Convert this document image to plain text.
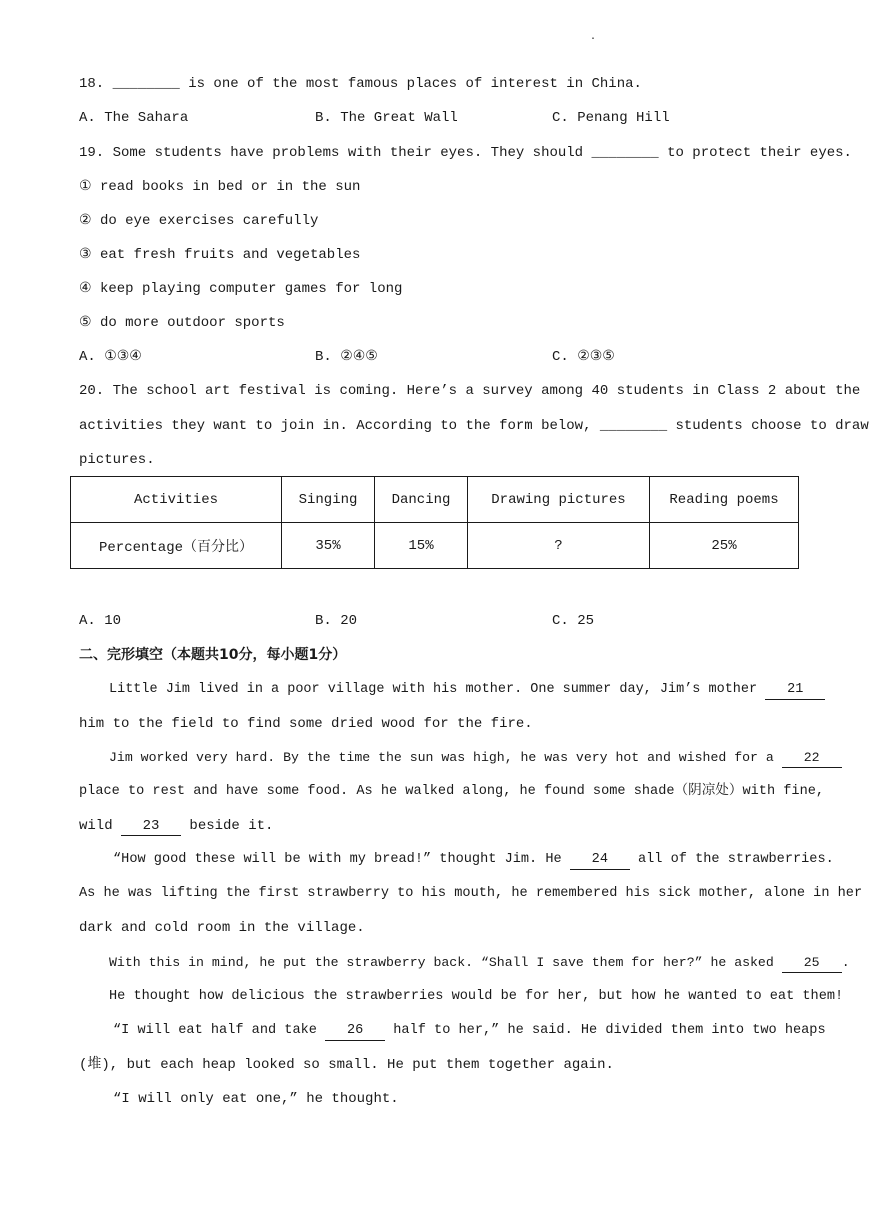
.
18. ________ is one of the most famous places of interest in China.
A. The Sahara	B. The Great Wall	C. Penang Hill
19. Some students have problems with their eyes. They should ________ to protect their eyes.
① read books in bed or in the sun
② do eye exercises carefully
③ eat fresh fruits and vegetables
④ keep playing computer games for long
⑤ do more outdoor sports
A. ①③④	B. ②④⑤	C. ②③⑤
20. The school art festival is coming. Here’s a survey among 40 students in Class 2 about the
activities they want to join in. According to the form below, ________ students choose to draw
pictures.
Activities	Singing	Dancing	Drawing pictures	Reading poems
Percentage（百分比）	35%	15%	?	25%
A. 10	B. 20	C. 25
二、完形填空（本题共10分，每小题1分）
Little Jim lived in a poor village with his mother. One summer day, Jim’s mother 21
him to the field to find some dried wood for the fire.
Jim worked very hard. By the time the sun was high, he was very hot and wished for a 22
place to rest and have some food. As he walked along, he found some shade（阴凉处）with fine,
wild 23 beside it.
“How good these will be with my bread!” thought Jim. He 24 all of the strawberries.
As he was lifting the first strawberry to his mouth, he remembered his sick mother, alone in her
dark and cold room in the village.
With this in mind, he put the strawberry back. “Shall I save them for her?” he asked 25 .
He thought how delicious the strawberries would be for her, but how he wanted to eat them!
“I will eat half and take 26 half to her,” he said. He divided them into two heaps
(堆), but each heap looked so small. He put them together again.
“I will only eat one,” he thought.
